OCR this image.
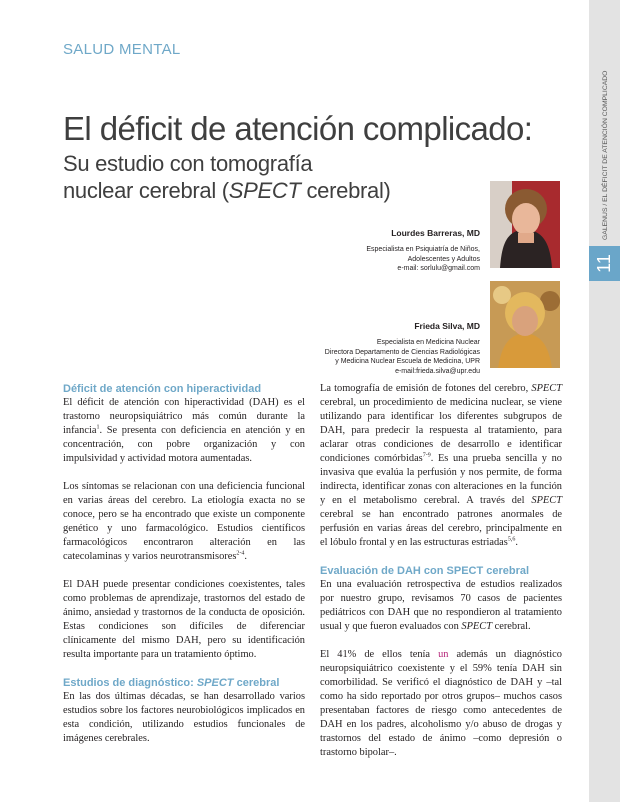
GALENUS / EL DÉFICIT DE ATENCIÓN COMPLICADO
11
SALUD MENTAL
El déficit de atención complicado:
Su estudio con tomografía
nuclear cerebral (SPECT cerebral)
Lourdes Barreras, MD
Especialista en Psiquiatría de Niños,
Adolescentes y Adultos
e-mail: sorlulu@gmail.com
Frieda Silva, MD
Especialista en Medicina Nuclear
Directora Departamento de Ciencias Radiológicas
y Medicina Nuclear Escuela de Medicina, UPR
e-mail:frieda.silva@upr.edu
Déficit de atención con hiperactividad

El déficit de atención con hiperactividad (DAH) es el trastorno neuropsiquiátrico más común durante la infancia$^1$. Se presenta con deficiencia en atención y en concentración, con pobre organización y con impulsividad y actividad motora aumentadas.

Los síntomas se relacionan con una deficiencia funcional en varias áreas del cerebro. La etiología exacta no se conoce, pero se ha encontrado que existe un componente genético y uno farmacológico. Estudios científicos farmacológicos encontraron alteración en las catecolaminas y varios neurotransmisores$^{2-4}$.

El DAH puede presentar condiciones coexistentes, tales como problemas de aprendizaje, trastornos del estado de ánimo, ansiedad y trastornos de la conducta de oposición. Estas condiciones son difíciles de diferenciar clínicamente del mismo DAH, pero su identificación resulta importante para un tratamiento óptimo.

Estudios de diagnóstico: SPECT cerebral

En las dos últimas décadas, se han desarrollado varios estudios sobre los factores neurobiológicos implicados en esta condición, utilizando estudios funcionales de imágenes cerebrales.

La tomografía de emisión de fotones del cerebro, SPECT cerebral, un procedimiento de medicina nuclear, se viene utilizando para identificar los diferentes subgrupos de DAH, para predecir la respuesta al tratamiento, para aclarar otras condiciones de desarrollo e identificar condiciones comórbidas$^{7-9}$. Es una prueba sencilla y no invasiva que evalúa la perfusión y nos permite, de forma indirecta, identificar zonas con alteraciones en la función y en el metabolismo cerebral. A través del SPECT cerebral se han encontrado patrones anormales de perfusión en varias áreas del cerebro, principalmente en el lóbulo frontal y en las estructuras estriadas$^{5,6}$.

Evaluación de DAH con SPECT cerebral

En una evaluación retrospectiva de estudios realizados por nuestro grupo, revisamos 70 casos de pacientes pediátricos con DAH que no respondieron al tratamiento usual y que fueron evaluados con SPECT cerebral.

El 41% de ellos tenía un además un diagnóstico neuropsiquiátrico coexistente y el 59% tenía DAH sin comorbilidad. Se verificó el diagnóstico de DAH y –tal como ha sido reportado por otros grupos– muchos casos presentaban factores de riesgo como antecedentes de DAH en los padres, alcoholismo y/o abuso de drogas y trastornos del estado de ánimo –como depresión o trastorno bipolar–.
